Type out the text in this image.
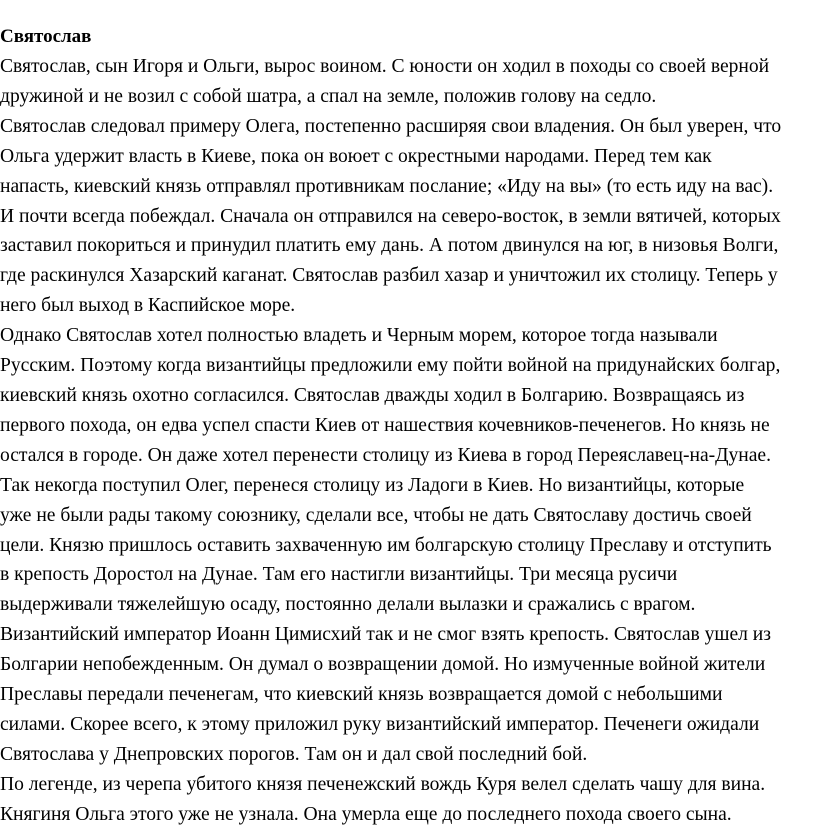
Святослав

Святослав, сын Игоря и Ольги, вырос воином. С юности он ходил в походы со своей верной
дружиной и не возил с собой шатра, а спал на земле, положив голову на седло.

Святослав следовал примеру Олега, постепенно расширяя свои владения. Он был уверен, что
Ольга удержит власть в Киеве, пока он воюет с окрестными народами. Перед тем как
напасть, киевский князь отправлял противникам послание; «Иду на вы» (то есть иду на вас).
И почти всегда побеждал. Сначала он отправился на северо-восток, в земли вятичей, которых
заставил покориться и принудил платить ему дань. А потом двинулся на юг, в низовья Волги,
где раскинулся Хазарский каганат. Святослав разбил хазар и уничтожил их столицу. Теперь у
него был выход в Каспийское море.

Однако Святослав хотел полностью владеть и Черным морем, которое тогда называли
Русским. Поэтому когда византийцы предложили ему пойти войной на придунайских болгар,
киевский князь охотно согласился. Святослав дважды ходил в Болгарию. Возвращаясь из
первого похода, он едва успел спасти Киев от нашествия кочевников-печенегов. Но князь не
остался в городе. Он даже хотел перенести столицу из Киева в город Переяславец-на-Дунае.
Так некогда поступил Олег, перенеся столицу из Ладоги в Киев. Но византийцы, которые
уже не были рады такому союзнику, сделали все, чтобы не дать Святославу достичь своей
цели. Князю пришлось оставить захваченную им болгарскую столицу Преславу и отступить
в крепость Доростол на Дунае. Там его настигли византийцы. Три месяца русичи
выдерживали тяжелейшую осаду, постоянно делали вылазки и сражались с врагом.
Византийский император Иоанн Цимисхий так и не смог взять крепость. Святослав ушел из
Болгарии непобежденным. Он думал о возвращении домой. Но измученные войной жители
Преславы передали печенегам, что киевский князь возвращается домой с небольшими
силами. Скорее всего, к этому приложил руку византийский император. Печенеги ожидали
Святослава у Днепровских порогов. Там он и дал свой последний бой.

По легенде, из черепа убитого князя печенежский вождь Куря велел сделать чашу для вина.
Княгиня Ольга этого уже не узнала. Она умерла еще до последнего похода своего сына.
